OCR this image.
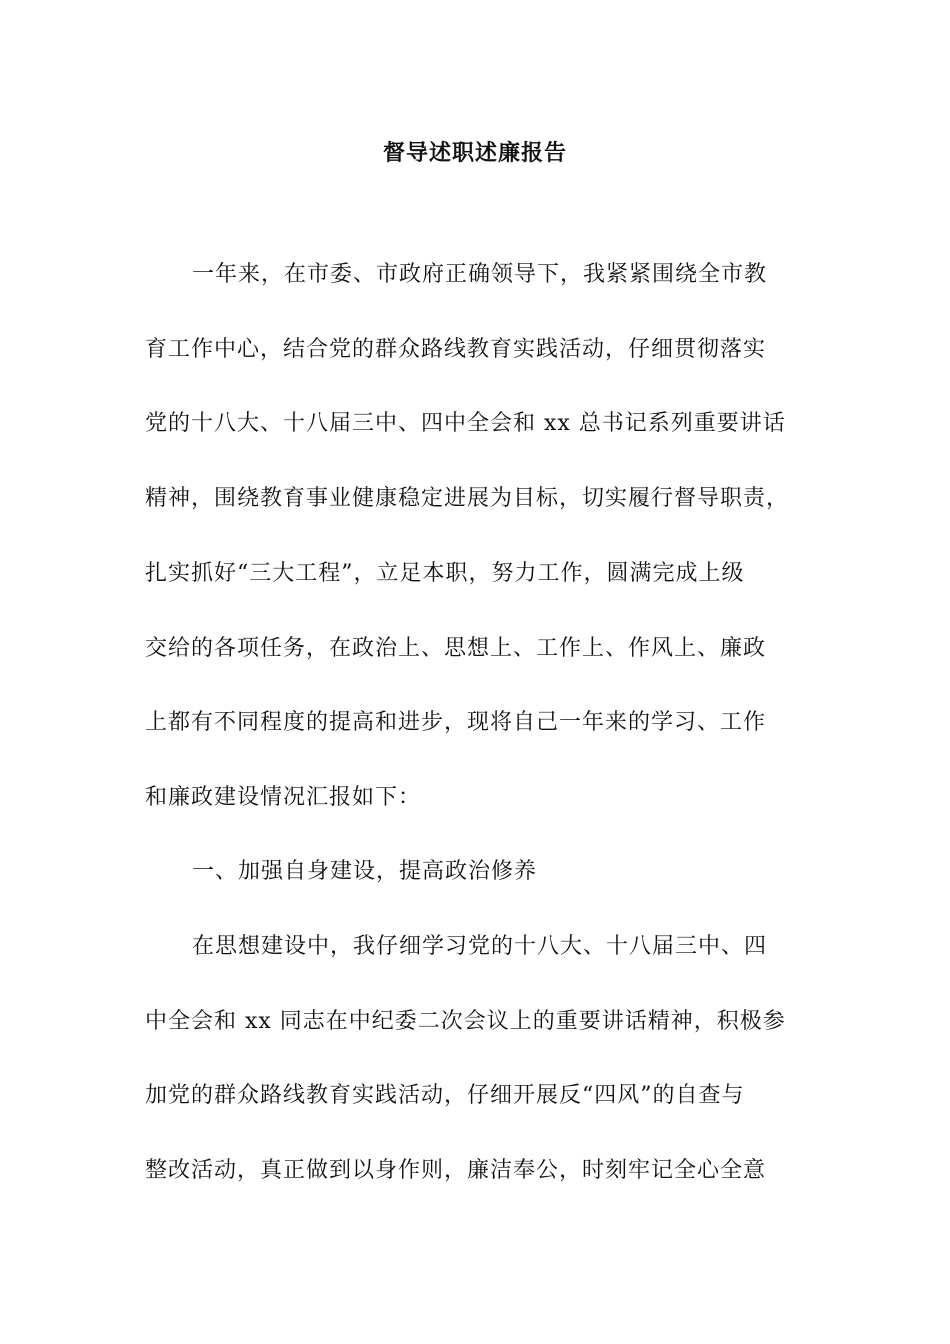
督导述职述廉报告
一年来，在市委、市政府正确领导下，我紧紧围绕全市教
育工作中心，结合党的群众路线教育实践活动，仔细贯彻落实
党的十八大、十八届三中、四中全会和 xx 总书记系列重要讲话
精神，围绕教育事业健康稳定进展为目标，切实履行督导职责，
扎实抓好“三大工程”，立足本职，努力工作，圆满完成上级
交给的各项任务，在政治上、思想上、工作上、作风上、廉政
上都有不同程度的提高和进步，现将自己一年来的学习、工作
和廉政建设情况汇报如下：
一、加强自身建设，提高政治修养
在思想建设中，我仔细学习党的十八大、十八届三中、四
中全会和 xx 同志在中纪委二次会议上的重要讲话精神，积极参
加党的群众路线教育实践活动，仔细开展反“四风”的自查与
整改活动，真正做到以身作则，廉洁奉公，时刻牢记全心全意
